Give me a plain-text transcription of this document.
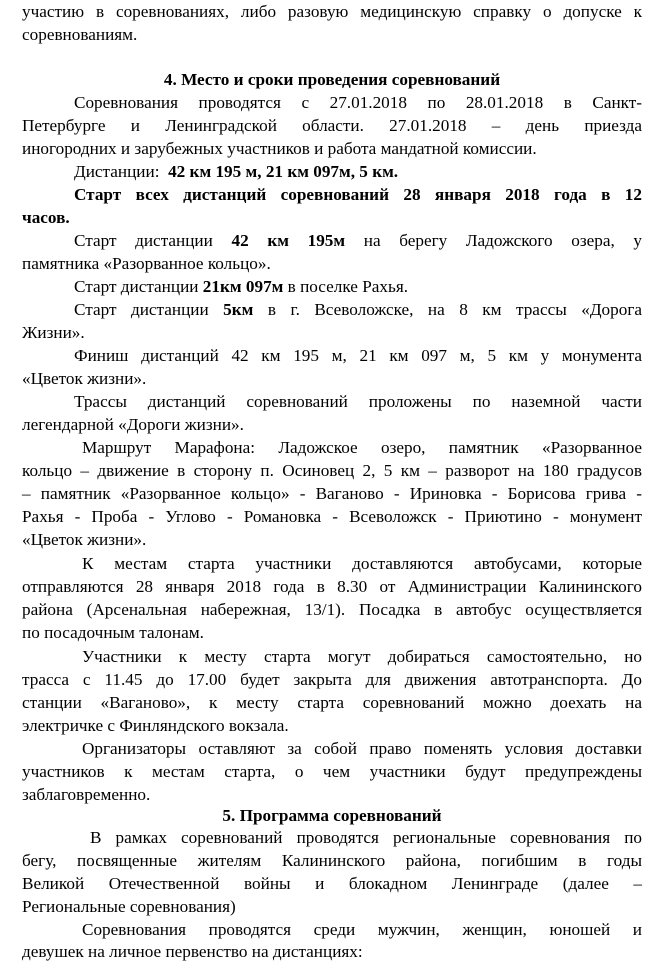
участию в соревнованиях, либо разовую медицинскую справку о допуске к
соревнованиям.
4. Место и сроки проведения соревнований
Соревнования проводятся с 27.01.2018 по 28.01.2018 в Санкт-
Петербурге и Ленинградской области. 27.01.2018 – день приезда
иногородних и зарубежных участников и работа мандатной комиссии.
Дистанции: 42 км 195 м, 21 км 097м, 5 км.
Старт всех дистанций соревнований 28 января 2018 года в 12
часов.
Старт дистанции 42 км 195м на берегу Ладожского озера, у
памятника «Разорванное кольцо».
Старт дистанции 21км 097м в поселке Рахья.
Старт дистанции 5км в г. Всеволожске, на 8 км трассы «Дорога
Жизни».
Финиш дистанций 42 км 195 м, 21 км 097 м, 5 км у монумента
«Цветок жизни».
Трассы дистанций соревнований проложены по наземной части
легендарной «Дороги жизни».
Маршрут Марафона: Ладожское озеро, памятник «Разорванное
кольцо – движение в сторону п. Осиновец 2, 5 км – разворот на 180 градусов
– памятник «Разорванное кольцо» - Ваганово - Ириновка - Борисова грива -
Рахья - Проба - Углово - Романовка - Всеволожск - Приютино - монумент
«Цветок жизни».
К местам старта участники доставляются автобусами, которые
отправляются 28 января 2018 года в 8.30 от Администрации Калининского
района (Арсенальная набережная, 13/1). Посадка в автобус осуществляется
по посадочным талонам.
Участники к месту старта могут добираться самостоятельно, но
трасса с 11.45 до 17.00 будет закрыта для движения автотранспорта. До
станции «Ваганово», к месту старта соревнований можно доехать на
электричке с Финляндского вокзала.
Организаторы оставляют за собой право поменять условия доставки
участников к местам старта, о чем участники будут предупреждены
заблаговременно.
5. Программа соревнований
В рамках соревнований проводятся региональные соревнования по
бегу, посвященные жителям Калининского района, погибшим в годы
Великой Отечественной войны и блокадном Ленинграде (далее –
Региональные соревнования)
Соревнования проводятся среди мужчин, женщин, юношей и
девушек на личное первенство на дистанциях:
